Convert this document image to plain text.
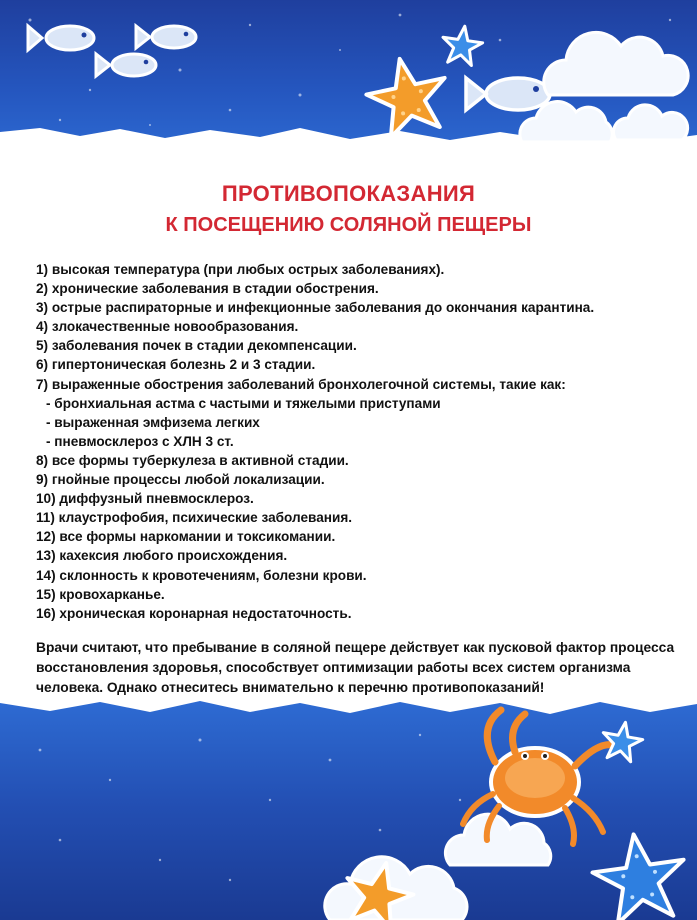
ПРОТИВОПОКАЗАНИЯ
К ПОСЕЩЕНИЮ СОЛЯНОЙ ПЕЩЕРЫ
1) высокая температура (при любых острых заболеваниях).
2) хронические заболевания в стадии обострения.
3) острые распираторные и инфекционные заболевания до окончания карантина.
4) злокачественные новообразования.
5) заболевания почек в стадии декомпенсации.
6) гипертоническая болезнь 2 и 3 стадии.
7) выраженные обострения заболеваний бронхолегочной системы, такие как:
- бронхиальная астма с частыми и тяжелыми приступами
- выраженная эмфизема легких
- пневмосклероз с ХЛН 3 ст.
8) все формы туберкулеза в активной стадии.
9) гнойные процессы любой локализации.
10) диффузный пневмосклероз.
11) клаустрофобия, психические заболевания.
12) все формы наркомании и токсикомании.
13) кахексия любого происхождения.
14) склонность к кровотечениям, болезни крови.
15) кровохарканье.
16) хроническая коронарная недостаточность.
Врачи считают, что пребывание в соляной пещере действует как пусковой фактор процесса восстановления здоровья, способствует оптимизации работы всех систем организма человека. Однако отнеситесь внимательно к перечню противопоказаний!
